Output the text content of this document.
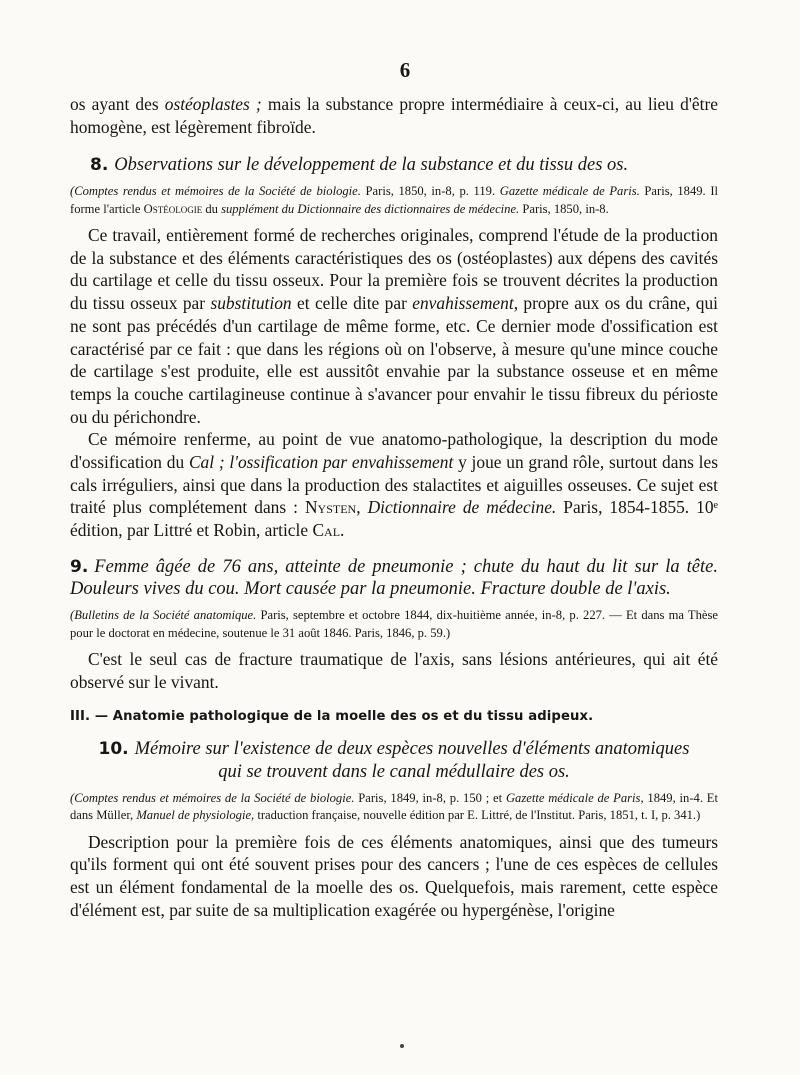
6

os ayant des ostéoplastes ; mais la substance propre intermédiaire à ceux-ci, au lieu d'être homogène, est légèrement fibroïde.

8. Observations sur le développement de la substance et du tissu des os.

(Comptes rendus et mémoires de la Société de biologie. Paris, 1850, in-8, p. 119. Gazette médicale de Paris. Paris, 1849. Il forme l'article Ostéologie du supplément du Dictionnaire des dictionnaires de médecine. Paris, 1850, in-8.

Ce travail, entièrement formé de recherches originales, comprend l'étude de la production de la substance et des éléments caractéristiques des os (ostéoplastes) aux dépens des cavités du cartilage et celle du tissu osseux. Pour la première fois se trouvent décrites la production du tissu osseux par substitution et celle dite par envahissement, propre aux os du crâne, qui ne sont pas précédés d'un cartilage de même forme, etc. Ce dernier mode d'ossification est caractérisé par ce fait : que dans les régions où on l'observe, à mesure qu'une mince couche de cartilage s'est produite, elle est aussitôt envahie par la substance osseuse et en même temps la couche cartilagineuse continue à s'avancer pour envahir le tissu fibreux du périoste ou du périchondre.

Ce mémoire renferme, au point de vue anatomo-pathologique, la description du mode d'ossification du Cal ; l'ossification par envahissement y joue un grand rôle, surtout dans les cals irréguliers, ainsi que dans la production des stalactites et aiguilles osseuses. Ce sujet est traité plus complétement dans : Nysten, Dictionnaire de médecine. Paris, 1854-1855. 10ᵉ édition, par Littré et Robin, article Cal.

9. Femme âgée de 76 ans, atteinte de pneumonie ; chute du haut du lit sur la tête. Douleurs vives du cou. Mort causée par la pneumonie. Fracture double de l'axis.

(Bulletins de la Société anatomique. Paris, septembre et octobre 1844, dix-huitième année, in-8, p. 227. — Et dans ma Thèse pour le doctorat en médecine, soutenue le 31 août 1846. Paris, 1846, p. 59.)

C'est le seul cas de fracture traumatique de l'axis, sans lésions antérieures, qui ait été observé sur le vivant.

III. — Anatomie pathologique de la moelle des os et du tissu adipeux.

10. Mémoire sur l'existence de deux espèces nouvelles d'éléments anatomiques
qui se trouvent dans le canal médullaire des os.

(Comptes rendus et mémoires de la Société de biologie. Paris, 1849, in-8, p. 150 ; et Gazette médicale de Paris, 1849, in-4. Et dans Müller, Manuel de physiologie, traduction française, nouvelle édition par E. Littré, de l'Institut. Paris, 1851, t. I, p. 341.)

Description pour la première fois de ces éléments anatomiques, ainsi que des tumeurs qu'ils forment qui ont été souvent prises pour des cancers ; l'une de ces espèces de cellules est un élément fondamental de la moelle des os. Quelquefois, mais rarement, cette espèce d'élément est, par suite de sa multiplication exagérée ou hypergénèse, l'origine
